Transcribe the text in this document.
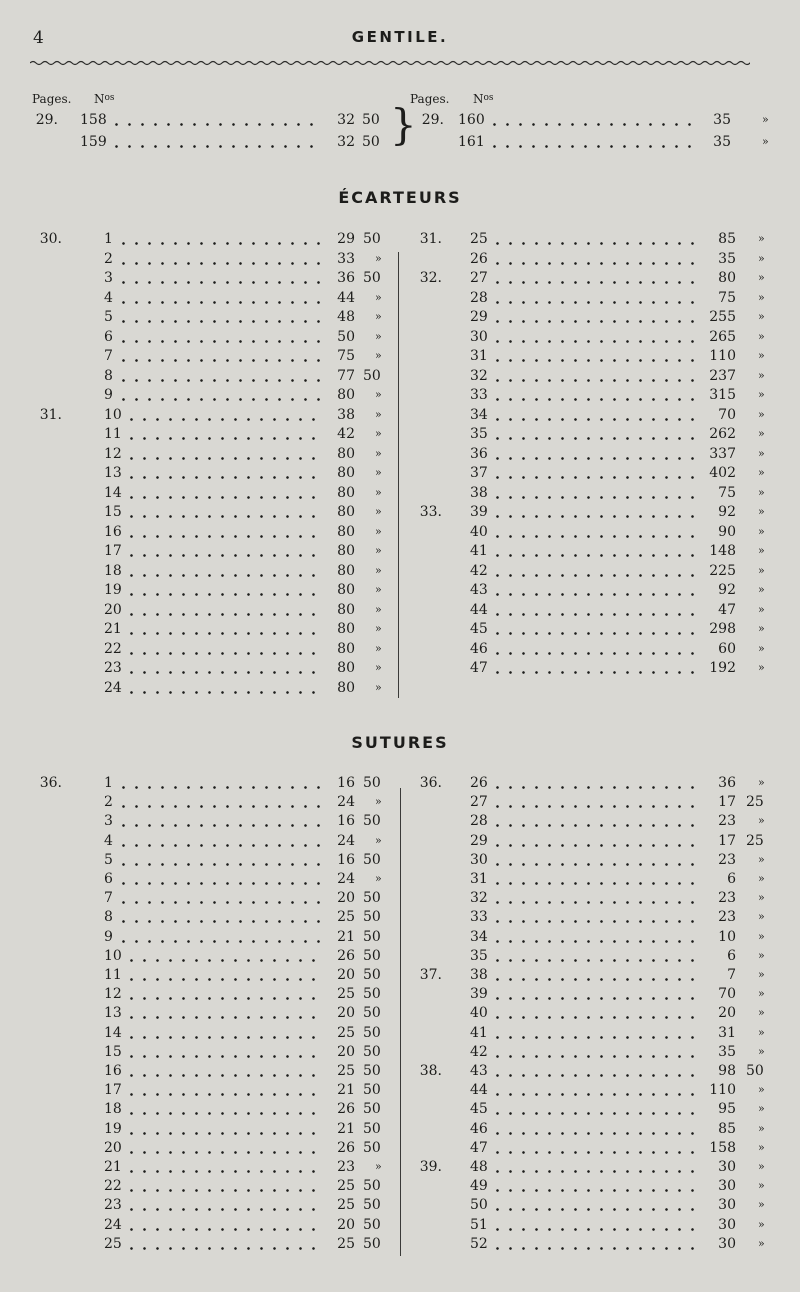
4	GENTILE.
Pages. $N^{os}$	Pages. $N^{os}$
}
29. 158	32 50
159	32 50
29. 160	35	»
161	35	»
ÉCARTEURS
30.	1	29 50
2	33 »
3	36 50
4	44 »
5	48 »
6	50 »
7	75 »
8	77 50
9	80 »
31.	10	38 »
11	42 »
12	80 »
13	80 »
14	80 »
15	80 »
16	80 »
17	80 »
18	80 »
19	80 »
20	80 »
21	80 »
22	80 »
23	80 »
24	80 »
31. 25	85 »
26	35 »
32. 27	80 »
28	75 »
29	255 »
30	265 »
31	110 »
32	237 »
33	315 »
34	70 »
35	262 »
36	337 »
37	402 »
38	75 »
33. 39	92 »
40	90 »
41	148 »
42	225 »
43	92 »
44	47 »
45	298 »
46	60 »
47	192 »
SUTURES
36.	1	16 50
2	24 »
3	16 50
4	24 »
5	16 50
6	24 »
7	20 50
8	25 50
9	21 50
10	26 50
11	20 50
12	25 50
13	20 50
14	25 50
15	20 50
16	25 50
17	21 50
18	26 50
19	21 50
20	26 50
21	23 »
22	25 50
23	25 50
24	20 50
25	25 50
36. 26	36 »
27	17 25
28	23 »
29	17 25
30	23 »
31	6 »
32	23 »
33	23 »
34	10 »
35	6 »
37. 38	7 »
39	70 »
40	20 »
41	31 »
42	35 »
38. 43	98 50
44	110 »
45	95 »
46	85 »
47	158 »
39. 48	30 »
49	30 »
50	30 »
51	30 »
52	30 »
